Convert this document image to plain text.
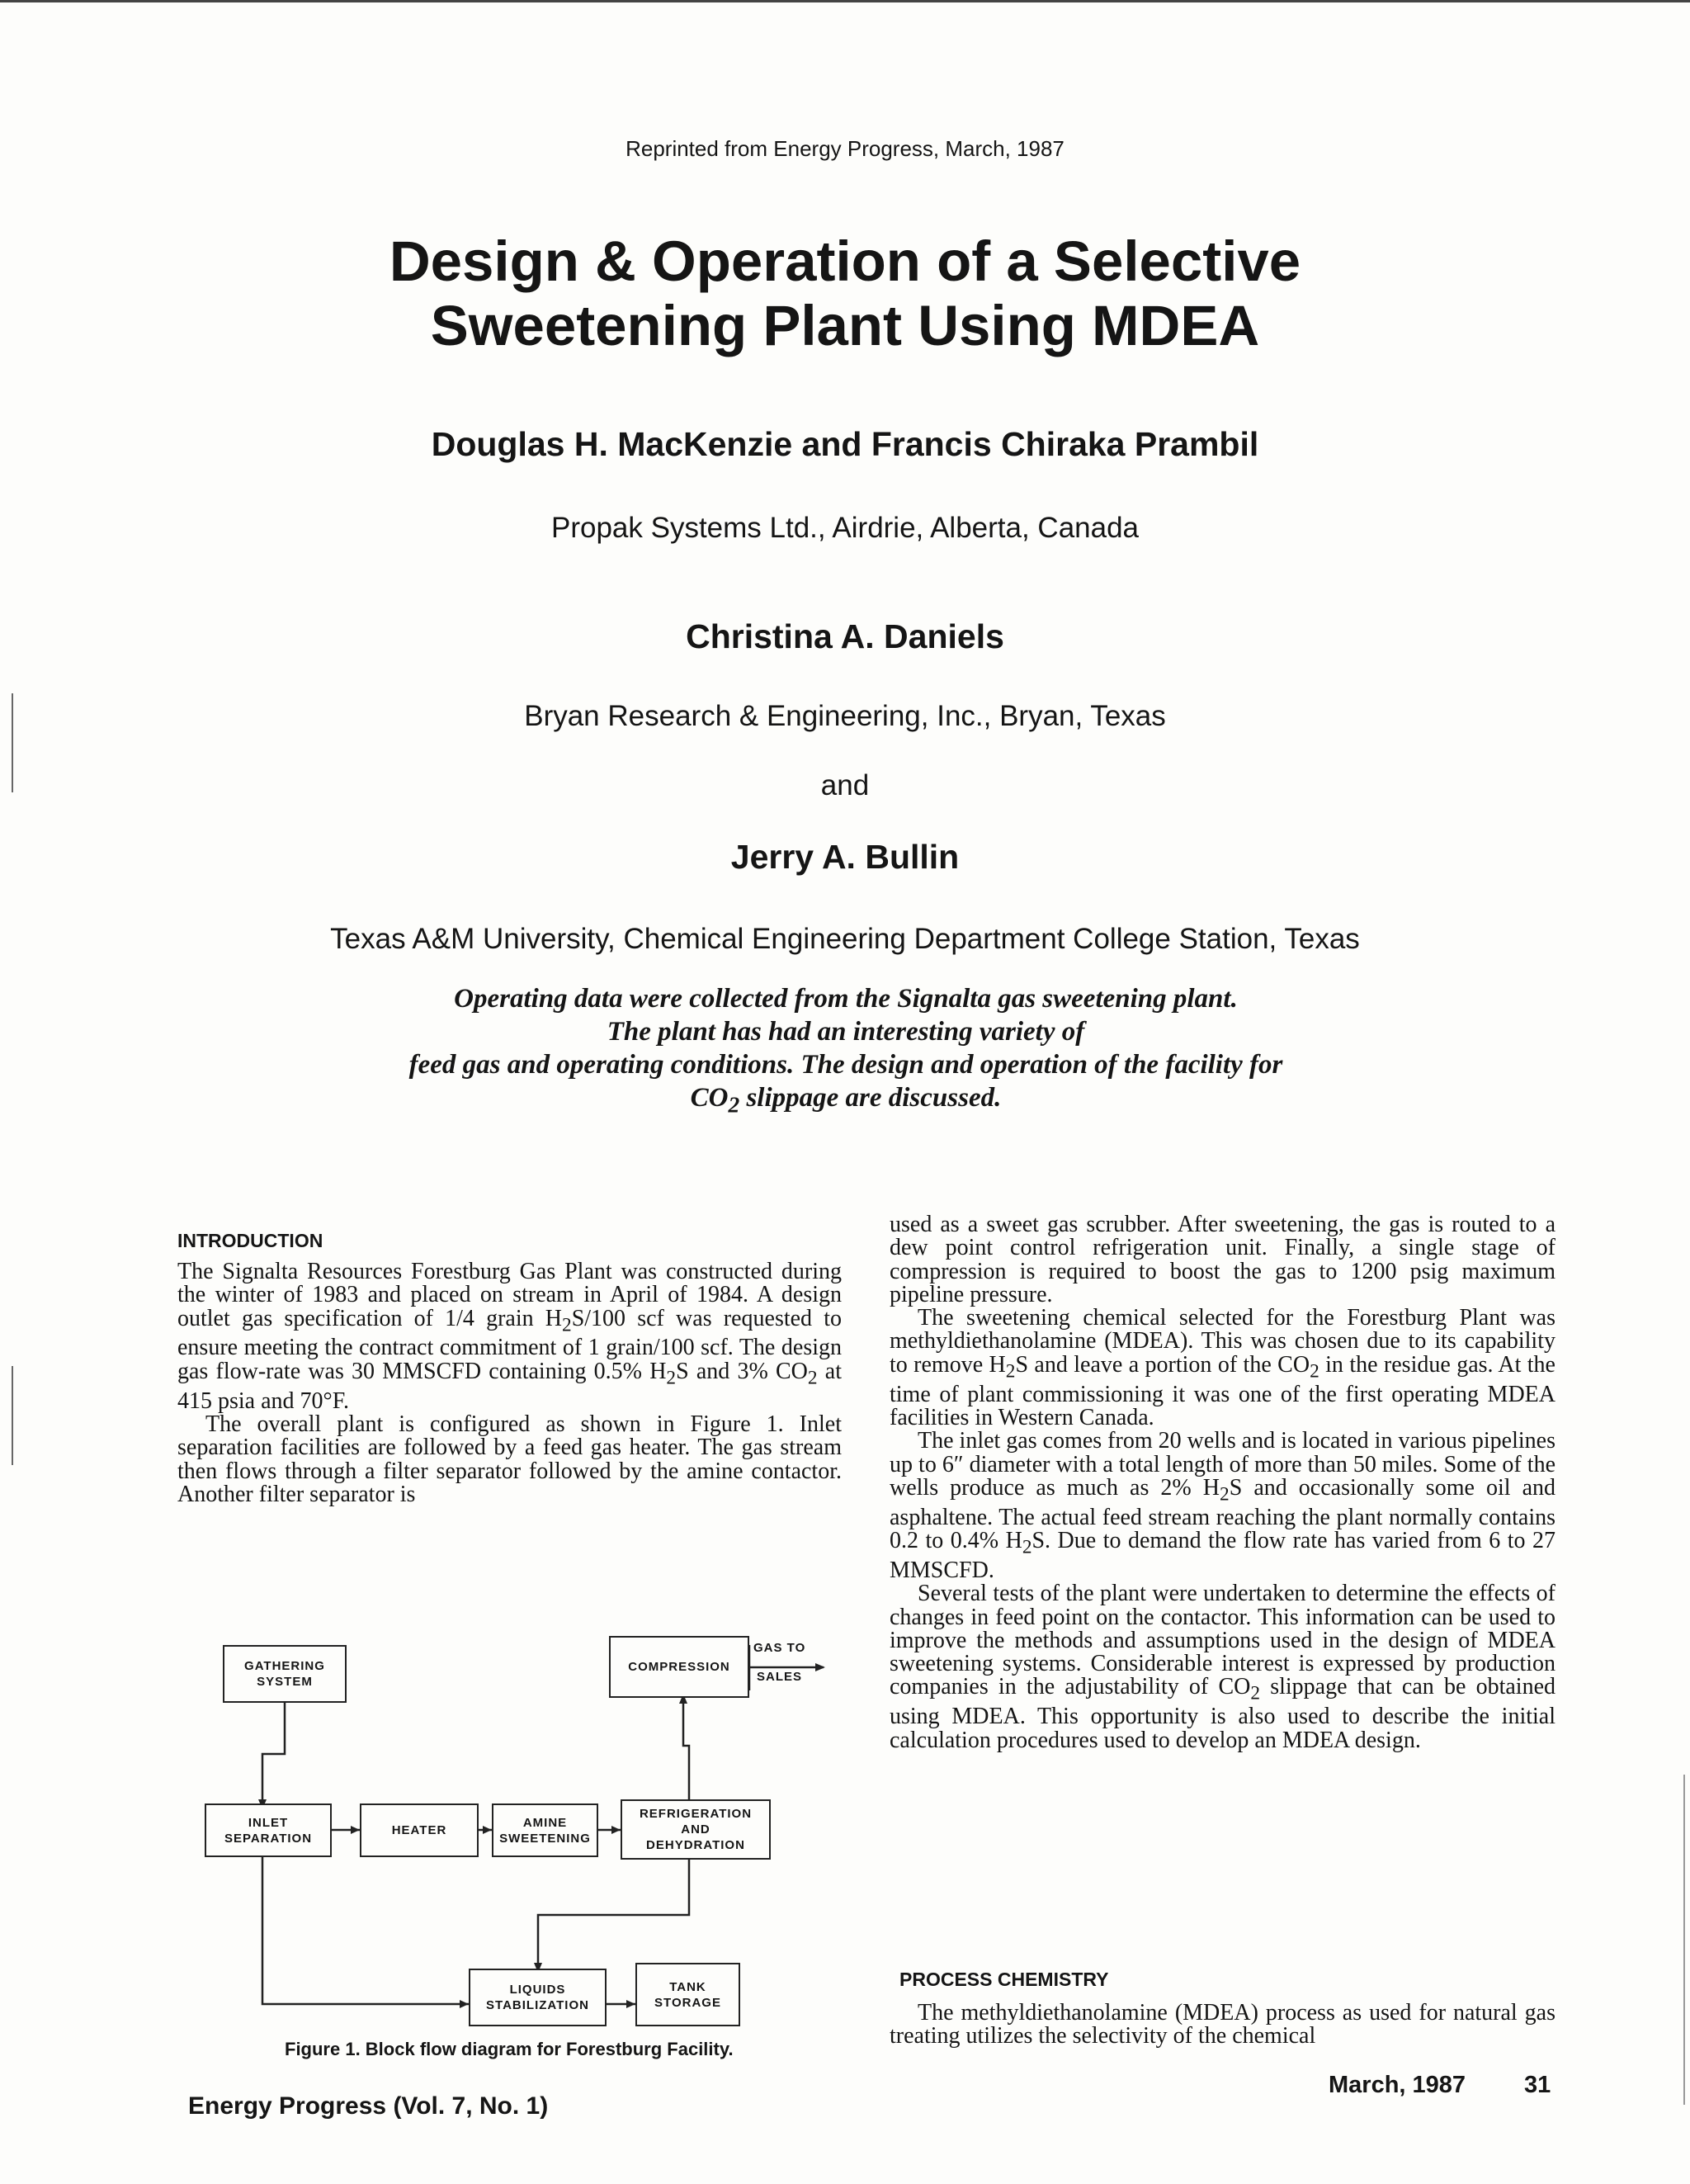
Reprinted from Energy Progress, March, 1987
Design & Operation of a Selective
Sweetening Plant Using MDEA
Douglas H. MacKenzie and Francis Chiraka Prambil
Propak Systems Ltd., Airdrie, Alberta, Canada
Christina A. Daniels
Bryan Research & Engineering, Inc., Bryan, Texas
and
Jerry A. Bullin
Texas A&M University, Chemical Engineering Department College Station, Texas
Operating data were collected from the Signalta gas sweetening plant.
The plant has had an interesting variety of
feed gas and operating conditions. The design and operation of the facility for
$CO_2$ slippage are discussed.
INTRODUCTION

The Signalta Resources Forestburg Gas Plant was constructed during the winter of 1983 and placed on stream in April of 1984. A design outlet gas specification of 1/4 grain $H_2S/100$ scf was requested to ensure meeting the contract commitment of 1 grain/100 scf. The design gas flow-rate was 30 MMSCFD containing 0.5% $H_2S$ and 3% $CO_2$ at 415 psia and 70°F.

The overall plant is configured as shown in Figure 1. Inlet separation facilities are followed by a feed gas heater. The gas stream then flows through a filter separator followed by the amine contactor. Another filter separator is

used as a sweet gas scrubber. After sweetening, the gas is routed to a dew point control refrigeration unit. Finally, a single stage of compression is required to boost the gas to 1200 psig maximum pipeline pressure.

The sweetening chemical selected for the Forestburg Plant was methyldiethanolamine (MDEA). This was chosen due to its capability to remove $H_2S$ and leave a portion of the $CO_2$ in the residue gas. At the time of plant commissioning it was one of the first operating MDEA facilities in Western Canada.

The inlet gas comes from 20 wells and is located in various pipelines up to 6″ diameter with a total length of more than 50 miles. Some of the wells produce as much as 2% $H_2S$ and occasionally some oil and asphaltene. The actual feed stream reaching the plant normally contains 0.2 to 0.4% $H_2S$. Due to demand the flow rate has varied from 6 to 27 MMSCFD.

Several tests of the plant were undertaken to determine the effects of changes in feed point on the contactor. This information can be used to improve the methods and assumptions used in the design of MDEA sweetening systems. Considerable interest is expressed by production companies in the adjustability of $CO_2$ slippage that can be obtained using MDEA. This opportunity is also used to describe the initial calculation procedures used to develop an MDEA design.

PROCESS CHEMISTRY

The methyldiethanolamine (MDEA) process as used for natural gas treating utilizes the selectivity of the chemical

GATHERING
SYSTEM
COMPRESSION
GAS TO
SALES
INLET
SEPARATION
HEATER
AMINE
SWEETENING
REFRIGERATION
AND
DEHYDRATION
LIQUIDS
STABILIZATION
TANK
STORAGE
Figure 1. Block flow diagram for Forestburg Facility.
Energy Progress (Vol. 7, No. 1)
March, 1987 31
